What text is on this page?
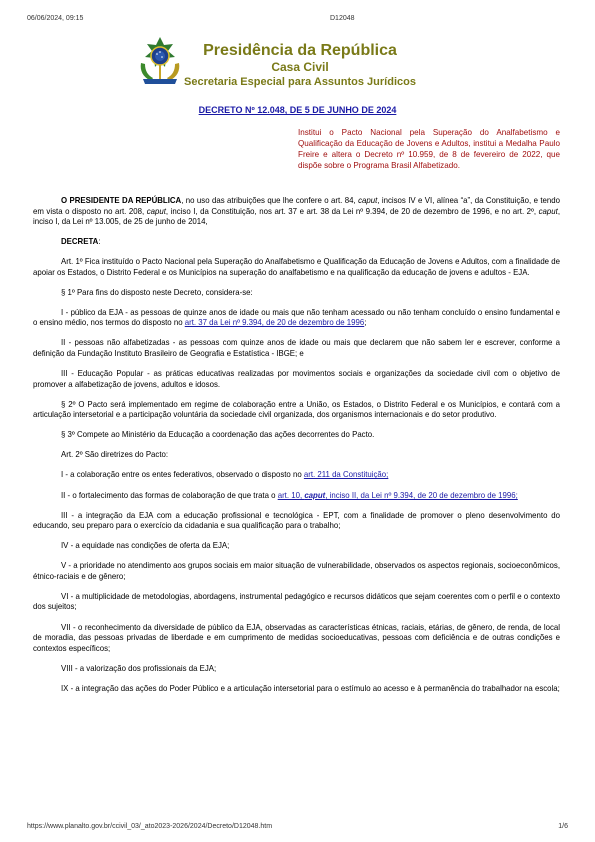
06/06/2024, 09:15	D12048
Presidência da República
Casa Civil
Secretaria Especial para Assuntos Jurídicos
DECRETO Nº 12.048, DE 5 DE JUNHO DE 2024
Institui o Pacto Nacional pela Superação do Analfabetismo e Qualificação da Educação de Jovens e Adultos, institui a Medalha Paulo Freire e altera o Decreto nº 10.959, de 8 de fevereiro de 2022, que dispõe sobre o Programa Brasil Alfabetizado.

O PRESIDENTE DA REPÚBLICA, no uso das atribuições que lhe confere o art. 84, caput, incisos IV e VI, alínea “a”, da Constituição, e tendo em vista o disposto no art. 208, caput, inciso I, da Constituição, nos art. 37 e art. 38 da Lei nº 9.394, de 20 de dezembro de 1996, e no art. 2º, caput, inciso I, da Lei nº 13.005, de 25 de junho de 2014,

DECRETA:

Art. 1º Fica instituído o Pacto Nacional pela Superação do Analfabetismo e Qualificação da Educação de Jovens e Adultos, com a finalidade de apoiar os Estados, o Distrito Federal e os Municípios na superação do analfabetismo e na qualificação da educação de jovens e adultos - EJA.

§ 1º Para fins do disposto neste Decreto, considera-se:

I - público da EJA - as pessoas de quinze anos de idade ou mais que não tenham acessado ou não tenham concluído o ensino fundamental e o ensino médio, nos termos do disposto no art. 37 da Lei nº 9.394, de 20 de dezembro de 1996;

II - pessoas não alfabetizadas - as pessoas com quinze anos de idade ou mais que declarem que não sabem ler e escrever, conforme a definição da Fundação Instituto Brasileiro de Geografia e Estatística - IBGE; e

III - Educação Popular - as práticas educativas realizadas por movimentos sociais e organizações da sociedade civil com o objetivo de promover a alfabetização de jovens, adultos e idosos.

§ 2º O Pacto será implementado em regime de colaboração entre a União, os Estados, o Distrito Federal e os Municípios, e contará com a articulação intersetorial e a participação voluntária da sociedade civil organizada, dos organismos internacionais e do setor produtivo.

§ 3º Compete ao Ministério da Educação a coordenação das ações decorrentes do Pacto.

Art. 2º São diretrizes do Pacto:

I - a colaboração entre os entes federativos, observado o disposto no art. 211 da Constituição;

II - o fortalecimento das formas de colaboração de que trata o art. 10, caput, inciso II, da Lei nº 9.394, de 20 de dezembro de 1996;

III - a integração da EJA com a educação profissional e tecnológica - EPT, com a finalidade de promover o pleno desenvolvimento do educando, seu preparo para o exercício da cidadania e sua qualificação para o trabalho;

IV - a equidade nas condições de oferta da EJA;

V - a prioridade no atendimento aos grupos sociais em maior situação de vulnerabilidade, observados os aspectos regionais, socioeconômicos, étnico-raciais e de gênero;

VI - a multiplicidade de metodologias, abordagens, instrumental pedagógico e recursos didáticos que sejam coerentes com o perfil e o contexto dos sujeitos;

VII - o reconhecimento da diversidade de público da EJA, observadas as características étnicas, raciais, etárias, de gênero, de renda, de local de moradia, das pessoas privadas de liberdade e em cumprimento de medidas socioeducativas, pessoas com deficiência e de outras condições e contextos específicos;

VIII - a valorização dos profissionais da EJA;

IX - a integração das ações do Poder Público e a articulação intersetorial para o estímulo ao acesso e à permanência do trabalhador na escola;

https://www.planalto.gov.br/ccivil_03/_ato2023-2026/2024/Decreto/D12048.htm	1/6
